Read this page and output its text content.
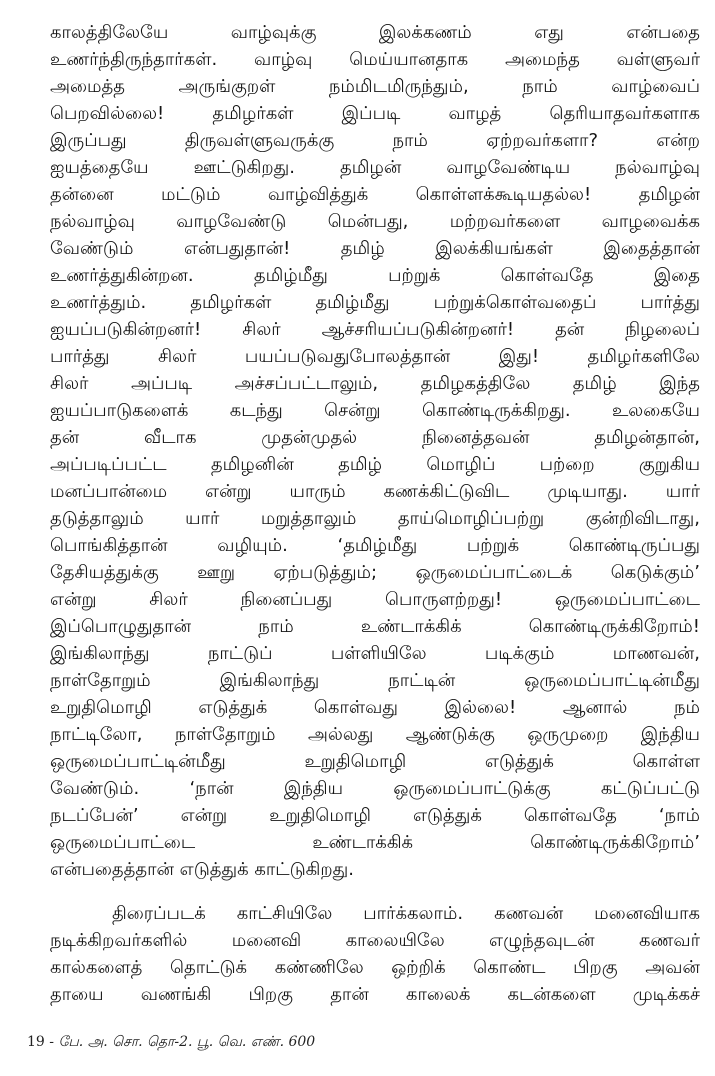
காலத்திலேயே வாழ்வுக்கு இலக்கணம் எது என்பதை
உணர்ந்திருந்தார்கள். வாழ்வு மெய்யானதாக அமைந்த வள்ளுவர்
அமைத்த அருங்குறள் நம்மிடமிருந்தும், நாம் வாழ்வைப்
பெறவில்லை! தமிழர்கள் இப்படி வாழத் தெரியாதவர்களாக
இருப்பது திருவள்ளுவருக்கு நாம் ஏற்றவர்களா? என்ற
ஐயத்தையே ஊட்டுகிறது. தமிழன் வாழவேண்டிய நல்வாழ்வு
தன்னை மட்டும் வாழ்வித்துக் கொள்ளக்கூடியதல்ல! தமிழன்
நல்வாழ்வு வாழவேண்டு மென்பது, மற்றவர்களை வாழவைக்க
வேண்டும் என்பதுதான்! தமிழ் இலக்கியங்கள் இதைத்தான்
உணர்த்துகின்றன. தமிழ்மீது பற்றுக் கொள்வதே இதை
உணர்த்தும். தமிழர்கள் தமிழ்மீது பற்றுக்கொள்வதைப் பார்த்து
ஐயப்படுகின்றனர்! சிலர் ஆச்சரியப்படுகின்றனர்! தன் நிழலைப்
பார்த்து சிலர் பயப்படுவதுபோலத்தான் இது! தமிழர்களிலே
சிலர் அப்படி அச்சப்பட்டாலும், தமிழகத்திலே தமிழ் இந்த
ஐயப்பாடுகளைக் கடந்து சென்று கொண்டிருக்கிறது. உலகையே
தன் வீடாக முதன்முதல் நினைத்தவன் தமிழன்தான்,
அப்படிப்பட்ட தமிழனின் தமிழ் மொழிப் பற்றை குறுகிய
மனப்பான்மை என்று யாரும் கணக்கிட்டுவிட முடியாது. யார்
தடுத்தாலும் யார் மறுத்தாலும் தாய்மொழிப்பற்று குன்றிவிடாது,
பொங்கித்தான் வழியும். ‘தமிழ்மீது பற்றுக் கொண்டிருப்பது
தேசியத்துக்கு ஊறு ஏற்படுத்தும்; ஒருமைப்பாட்டைக் கெடுக்கும்’
என்று சிலர் நினைப்பது பொருளற்றது! ஒருமைப்பாட்டை
இப்பொழுதுதான் நாம் உண்டாக்கிக் கொண்டிருக்கிறோம்!
இங்கிலாந்து நாட்டுப் பள்ளியிலே படிக்கும் மாணவன்,
நாள்தோறும் இங்கிலாந்து நாட்டின் ஒருமைப்பாட்டின்மீது
உறுதிமொழி எடுத்துக் கொள்வது இல்லை! ஆனால் நம்
நாட்டிலோ, நாள்தோறும் அல்லது ஆண்டுக்கு ஒருமுறை இந்திய
ஒருமைப்பாட்டின்மீது உறுதிமொழி எடுத்துக் கொள்ள
வேண்டும். ‘நான் இந்திய ஒருமைப்பாட்டுக்கு கட்டுப்பட்டு
நடப்பேன்’ என்று உறுதிமொழி எடுத்துக் கொள்வதே ‘நாம்
ஒருமைப்பாட்டை உண்டாக்கிக் கொண்டிருக்கிறோம்’
என்பதைத்தான் எடுத்துக் காட்டுகிறது.
திரைப்படக் காட்சியிலே பார்க்கலாம். கணவன் மனைவியாக
நடிக்கிறவர்களில் மனைவி காலையிலே எழுந்தவுடன் கணவர்
கால்களைத் தொட்டுக் கண்ணிலே ஒற்றிக் கொண்ட பிறகு அவன்
தாயை வணங்கி பிறகு தான் காலைக் கடன்களை முடிக்கச்
19 - பே. அ. சொ. தொ-2. பூ. வெ. எண். 600
